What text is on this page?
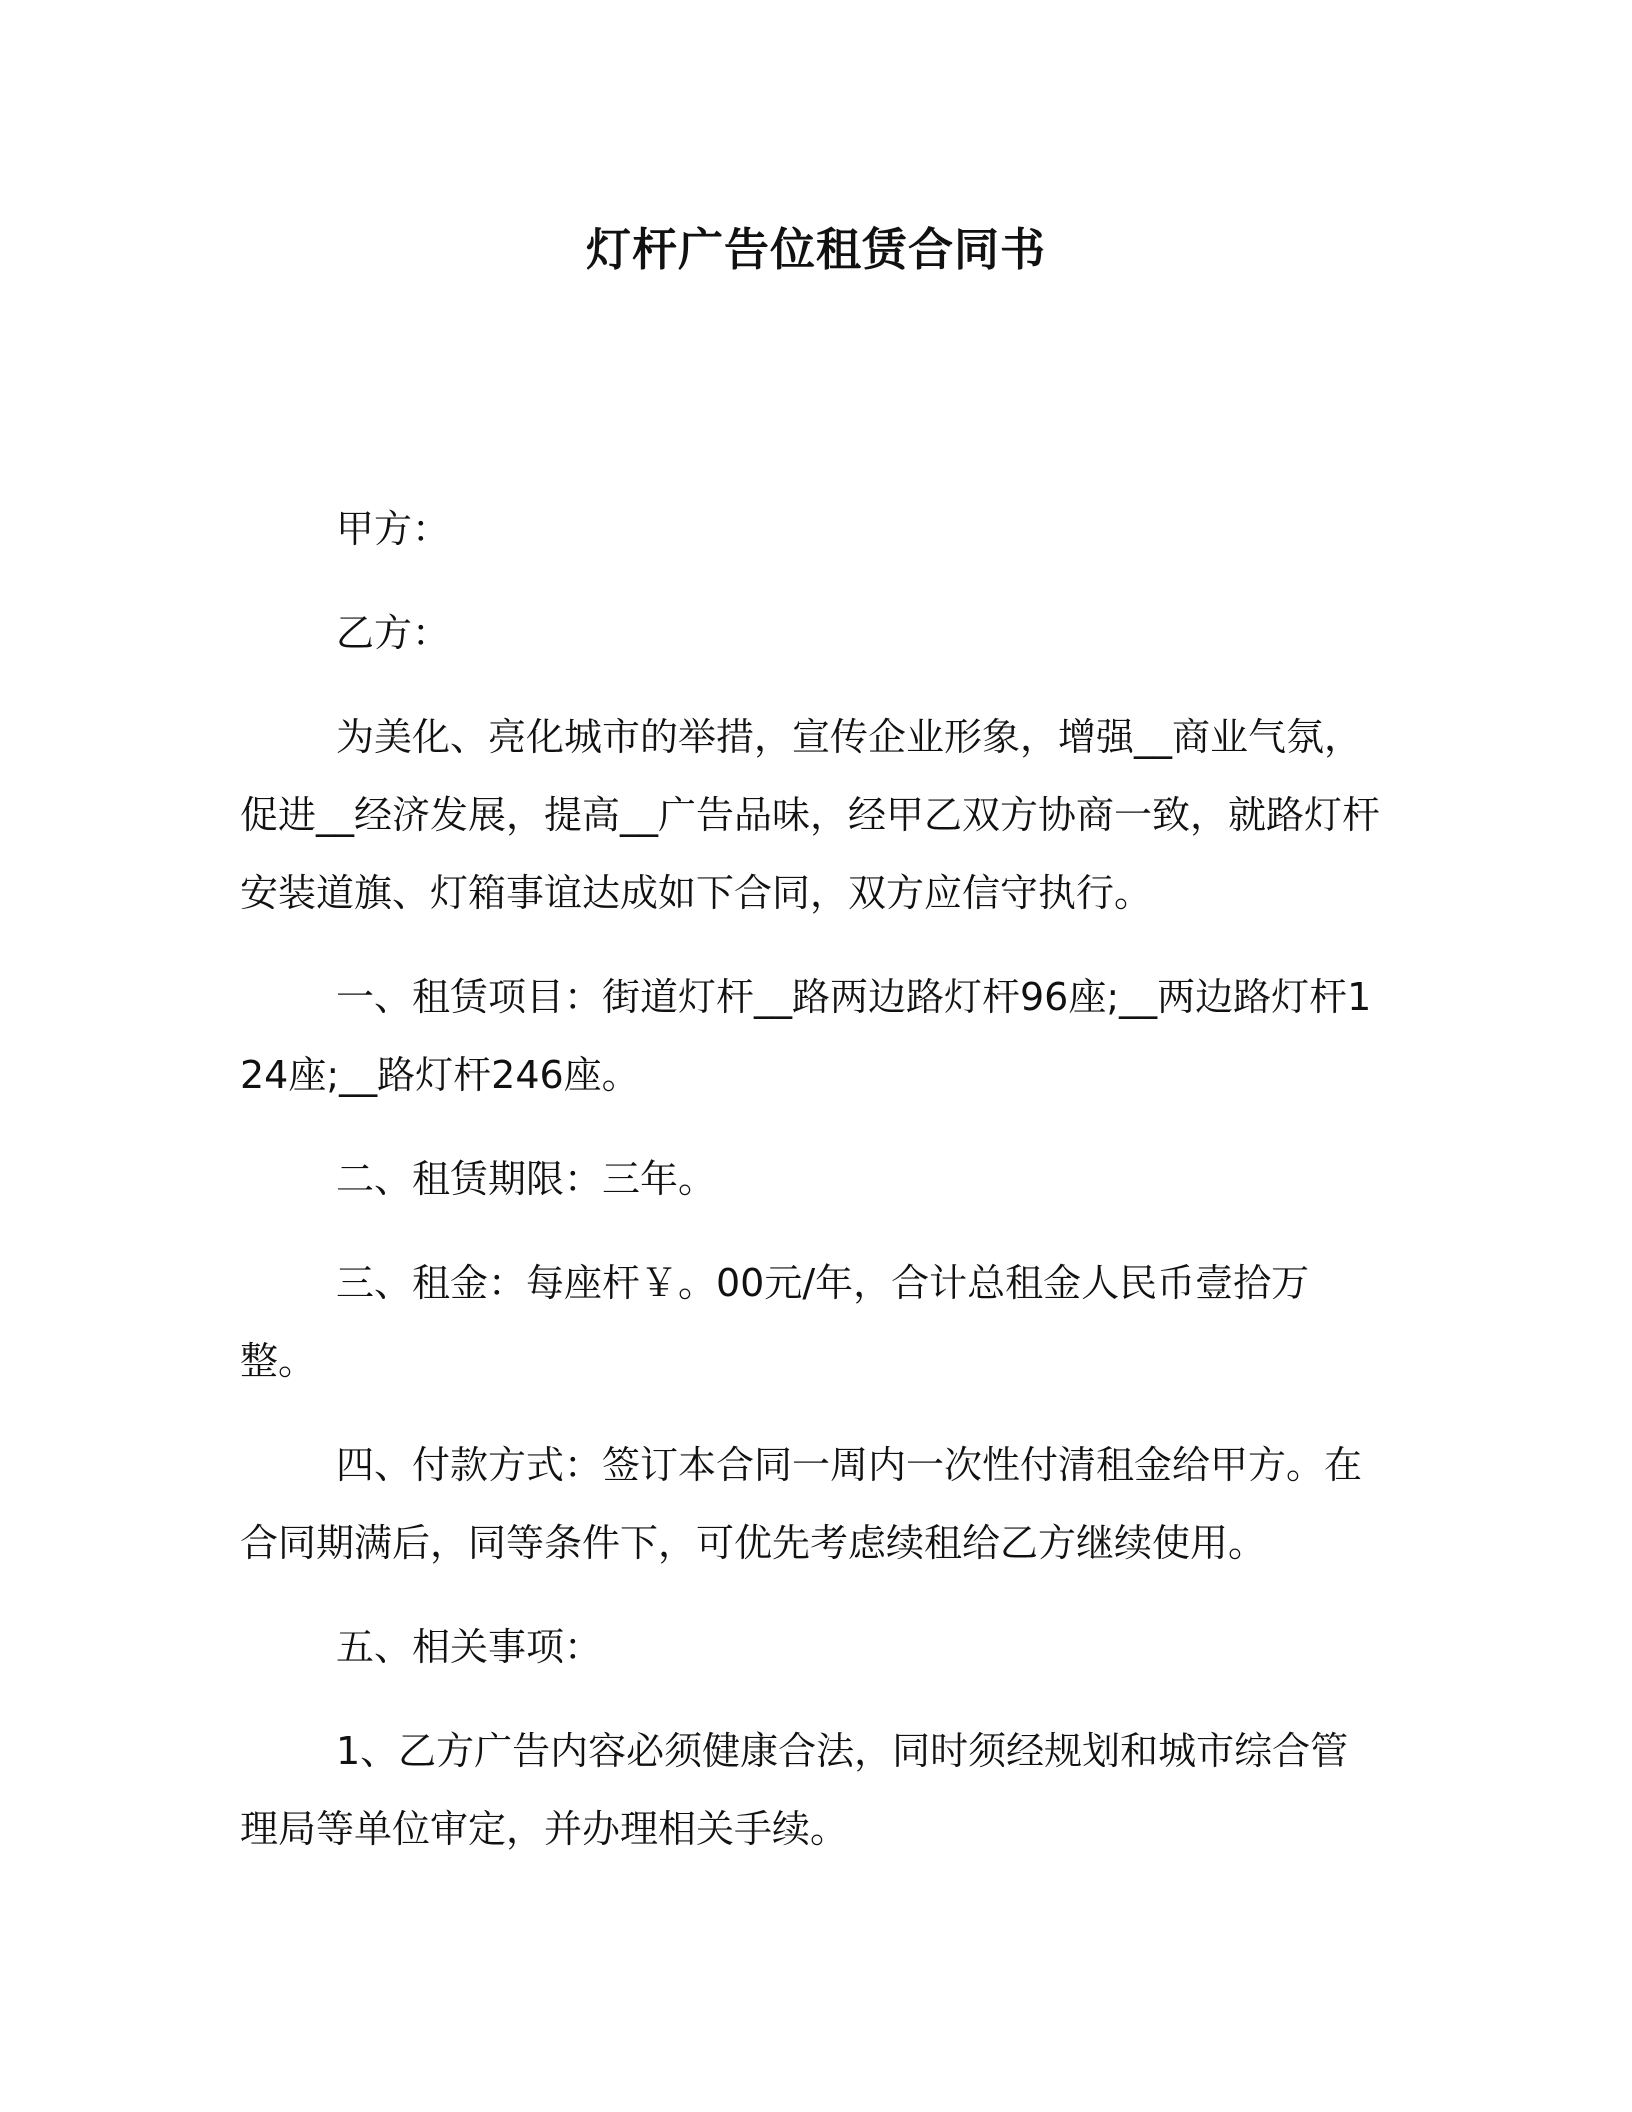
灯杆广告位租赁合同书

甲方：

乙方：

为美化、亮化城市的举措，宣传企业形象，增强__商业气氛，促进__经济发展，提高__广告品味，经甲乙双方协商一致，就路灯杆安装道旗、灯箱事谊达成如下合同，双方应信守执行。

一、租赁项目：街道灯杆__路两边路灯杆96座;__两边路灯杆124座;__路灯杆246座。

二、租赁期限：三年。

三、租金：每座杆￥。00元/年，合计总租金人民币壹拾万整。

四、付款方式：签订本合同一周内一次性付清租金给甲方。在合同期满后，同等条件下，可优先考虑续租给乙方继续使用。

五、相关事项：

1、乙方广告内容必须健康合法，同时须经规划和城市综合管理局等单位审定，并办理相关手续。
